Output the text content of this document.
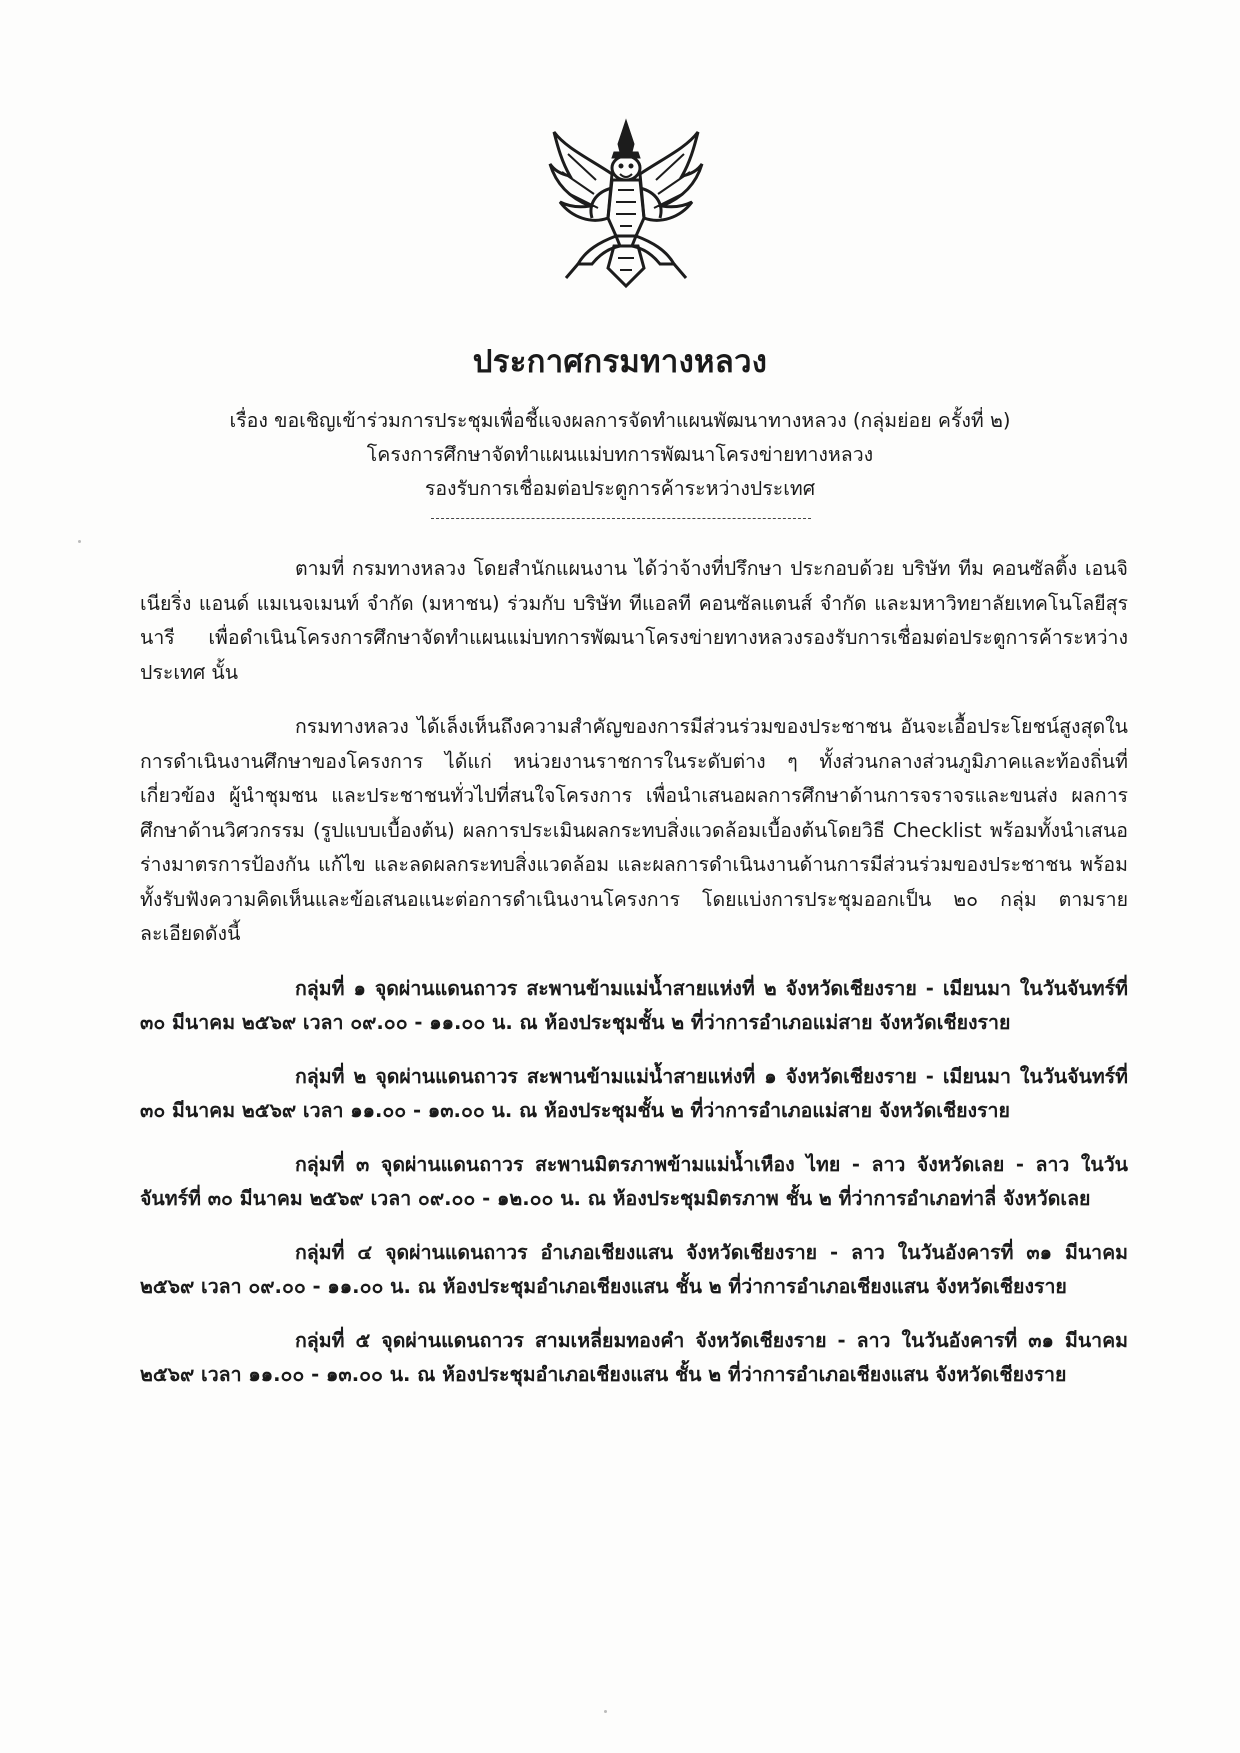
ประกาศกรมทางหลวง
เรื่อง ขอเชิญเข้าร่วมการประชุมเพื่อชี้แจงผลการจัดทำแผนพัฒนาทางหลวง (กลุ่มย่อย ครั้งที่ ๒)
โครงการศึกษาจัดทำแผนแม่บทการพัฒนาโครงข่ายทางหลวง
รองรับการเชื่อมต่อประตูการค้าระหว่างประเทศ

ตามที่ กรมทางหลวง โดยสำนักแผนงาน ได้ว่าจ้างที่ปรึกษา ประกอบด้วย บริษัท ทีม คอนซัลติ้ง เอนจิเนียริ่ง แอนด์ แมเนจเมนท์ จำกัด (มหาชน) ร่วมกับ บริษัท ทีแอลที คอนซัลแตนส์ จำกัด และมหาวิทยาลัยเทคโนโลยีสุรนารี เพื่อดำเนินโครงการศึกษาจัดทำแผนแม่บทการพัฒนาโครงข่ายทางหลวงรองรับการเชื่อมต่อประตูการค้าระหว่างประเทศ นั้น

กรมทางหลวง ได้เล็งเห็นถึงความสำคัญของการมีส่วนร่วมของประชาชน อันจะเอื้อประโยชน์สูงสุดในการดำเนินงานศึกษาของโครงการ ได้แก่ หน่วยงานราชการในระดับต่าง ๆ ทั้งส่วนกลางส่วนภูมิภาคและท้องถิ่นที่เกี่ยวข้อง ผู้นำชุมชน และประชาชนทั่วไปที่สนใจโครงการ เพื่อนำเสนอผลการศึกษาด้านการจราจรและขนส่ง ผลการศึกษาด้านวิศวกรรม (รูปแบบเบื้องต้น) ผลการประเมินผลกระทบสิ่งแวดล้อมเบื้องต้นโดยวิธี Checklist พร้อมทั้งนำเสนอร่างมาตรการป้องกัน แก้ไข และลดผลกระทบสิ่งแวดล้อม และผลการดำเนินงานด้านการมีส่วนร่วมของประชาชน พร้อมทั้งรับฟังความคิดเห็นและข้อเสนอแนะต่อการดำเนินงานโครงการ โดยแบ่งการประชุมออกเป็น ๒๐ กลุ่ม ตามรายละเอียดดังนี้

กลุ่มที่ ๑ จุดผ่านแดนถาวร สะพานข้ามแม่น้ำสายแห่งที่ ๒ จังหวัดเชียงราย - เมียนมา ในวันจันทร์ที่ ๓๐ มีนาคม ๒๕๖๙ เวลา ๐๙.๐๐ - ๑๑.๐๐ น. ณ ห้องประชุมชั้น ๒ ที่ว่าการอำเภอแม่สาย จังหวัดเชียงราย

กลุ่มที่ ๒ จุดผ่านแดนถาวร สะพานข้ามแม่น้ำสายแห่งที่ ๑ จังหวัดเชียงราย - เมียนมา ในวันจันทร์ที่ ๓๐ มีนาคม ๒๕๖๙ เวลา ๑๑.๐๐ - ๑๓.๐๐ น. ณ ห้องประชุมชั้น ๒ ที่ว่าการอำเภอแม่สาย จังหวัดเชียงราย

กลุ่มที่ ๓ จุดผ่านแดนถาวร สะพานมิตรภาพข้ามแม่น้ำเหือง ไทย - ลาว จังหวัดเลย - ลาว ในวันจันทร์ที่ ๓๐ มีนาคม ๒๕๖๙ เวลา ๐๙.๐๐ - ๑๒.๐๐ น. ณ ห้องประชุมมิตรภาพ ชั้น ๒ ที่ว่าการอำเภอท่าลี่ จังหวัดเลย

กลุ่มที่ ๔ จุดผ่านแดนถาวร อำเภอเชียงแสน จังหวัดเชียงราย - ลาว ในวันอังคารที่ ๓๑ มีนาคม ๒๕๖๙ เวลา ๐๙.๐๐ - ๑๑.๐๐ น. ณ ห้องประชุมอำเภอเชียงแสน ชั้น ๒ ที่ว่าการอำเภอเชียงแสน จังหวัดเชียงราย

กลุ่มที่ ๕ จุดผ่านแดนถาวร สามเหลี่ยมทองคำ จังหวัดเชียงราย - ลาว ในวันอังคารที่ ๓๑ มีนาคม ๒๕๖๙ เวลา ๑๑.๐๐ - ๑๓.๐๐ น. ณ ห้องประชุมอำเภอเชียงแสน ชั้น ๒ ที่ว่าการอำเภอเชียงแสน จังหวัดเชียงราย
